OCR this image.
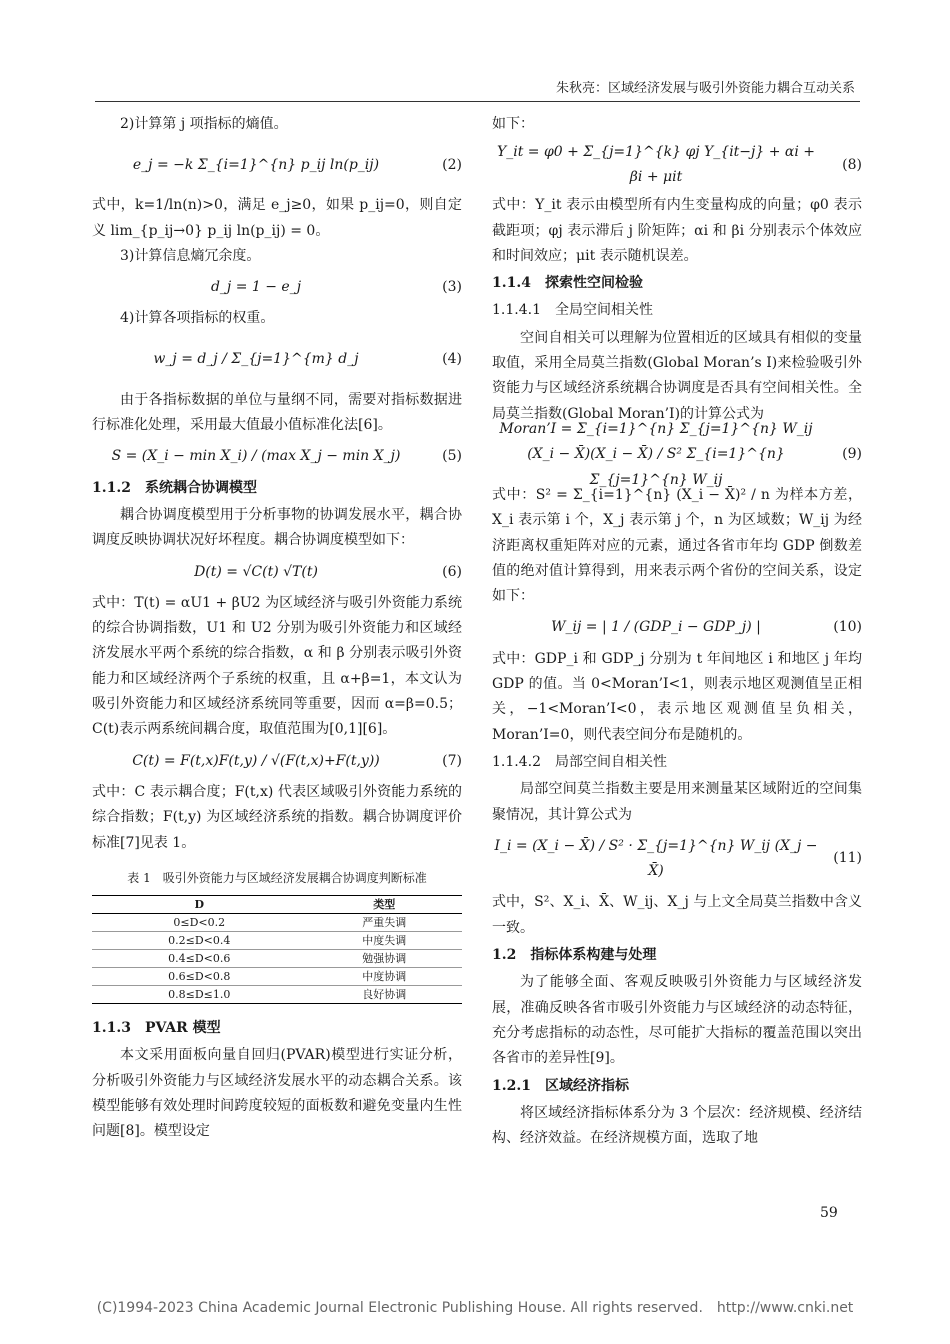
朱秋亮：区域经济发展与吸引外资能力耦合互动关系

2)计算第 j 项指标的熵值。

e_j = −k Σ_{i=1}^{n} p_ij ln(p_ij)	(2)

式中，k=1/ln(n)>0，满足 e_j≥0，如果 p_ij=0，则自定义 lim_{p_ij→0} p_ij ln(p_ij) = 0。

3)计算信息熵冗余度。

d_j = 1 − e_j	(3)

4)计算各项指标的权重。

w_j = d_j / Σ_{j=1}^{m} d_j	(4)

由于各指标数据的单位与量纲不同，需要对指标数据进行标准化处理，采用最大值最小值标准化法[6]。

S = (X_i − min X_i) / (max X_j − min X_j)	(5)

1.1.2　系统耦合协调模型

耦合协调度模型用于分析事物的协调发展水平，耦合协调度反映协调状况好坏程度。耦合协调度模型如下：

D(t) = √C(t) √T(t)	(6)

式中：T(t) = αU1 + βU2 为区域经济与吸引外资能力系统的综合协调指数，U1 和 U2 分别为吸引外资能力和区域经济发展水平两个系统的综合指数，α 和 β 分别表示吸引外资能力和区域经济两个子系统的权重，且 α+β=1，本文认为吸引外资能力和区域经济系统同等重要，因而 α=β=0.5；C(t)表示两系统间耦合度，取值范围为[0,1][6]。

C(t) = F(t,x)F(t,y) / √(F(t,x)+F(t,y))	(7)

式中：C 表示耦合度；F(t,x) 代表区域吸引外资能力系统的综合指数；F(t,y) 为区域经济系统的指数。耦合协调度评价标准[7]见表 1。

表 1　吸引外资能力与区域经济发展耦合协调度判断标准
D	类型
0≤D<0.2	严重失调
0.2≤D<0.4	中度失调
0.4≤D<0.6	勉强协调
0.6≤D<0.8	中度协调
0.8≤D≤1.0	良好协调

1.1.3　PVAR 模型

本文采用面板向量自回归(PVAR)模型进行实证分析，分析吸引外资能力与区域经济发展水平的动态耦合关系。该模型能够有效处理时间跨度较短的面板数和避免变量内生性问题[8]。模型设定

如下：

Y_it = φ0 + Σ_{j=1}^{k} φj Y_{it−j} + αi + βi + μit
(8)

式中：Y_it 表示由模型所有内生变量构成的向量；φ0 表示截距项；φj 表示滞后 j 阶矩阵；αi 和 βi 分别表示个体效应和时间效应；μit 表示随机误差。

1.1.4　探索性空间检验

1.1.4.1　全局空间相关性

空间自相关可以理解为位置相近的区域具有相似的变量取值，采用全局莫兰指数(Global Moran’s I)来检验吸引外资能力与区域经济系统耦合协调度是否具有空间相关性。全局莫兰指数(Global Moran’I)的计算公式为

Moran’I = Σ_{i=1}^{n} Σ_{j=1}^{n} W_ij (X_i − X̄)(X_i − X̄) / S² Σ_{i=1}^{n} Σ_{j=1}^{n} W_ij
(9)

式中：S² = Σ_{i=1}^{n} (X_i − X̄)² / n 为样本方差，X_i 表示第 i 个，X_j 表示第 j 个，n 为区域数；W_ij 为经济距离权重矩阵对应的元素，通过各省市年均 GDP 倒数差值的绝对值计算得到，用来表示两个省份的空间关系，设定如下：

W_ij = | 1 / (GDP_i − GDP_j) |	(10)

式中：GDP_i 和 GDP_j 分别为 t 年间地区 i 和地区 j 年均 GDP 的值。当 0<Moran’I<1，则表示地区观测值呈正相关，−1<Moran’I<0，表示地区观测值呈负相关，Moran’I=0，则代表空间分布是随机的。

1.1.4.2　局部空间自相关性

局部空间莫兰指数主要是用来测量某区域附近的空间集聚情况，其计算公式为

I_i = (X_i − X̄) / S² · Σ_{j=1}^{n} W_ij (X_j − X̄)
(11)

式中，S²、X_i、X̄、W_ij、X_j 与上文全局莫兰指数中含义一致。

1.2　指标体系构建与处理

为了能够全面、客观反映吸引外资能力与区域经济发展，准确反映各省市吸引外资能力与区域经济的动态特征，充分考虑指标的动态性，尽可能扩大指标的覆盖范围以突出各省市的差异性[9]。

1.2.1　区域经济指标

将区域经济指标体系分为 3 个层次：经济规模、经济结构、经济效益。在经济规模方面，选取了地

59
(C)1994-2023 China Academic Journal Electronic Publishing House. All rights reserved.　http://www.cnki.net
